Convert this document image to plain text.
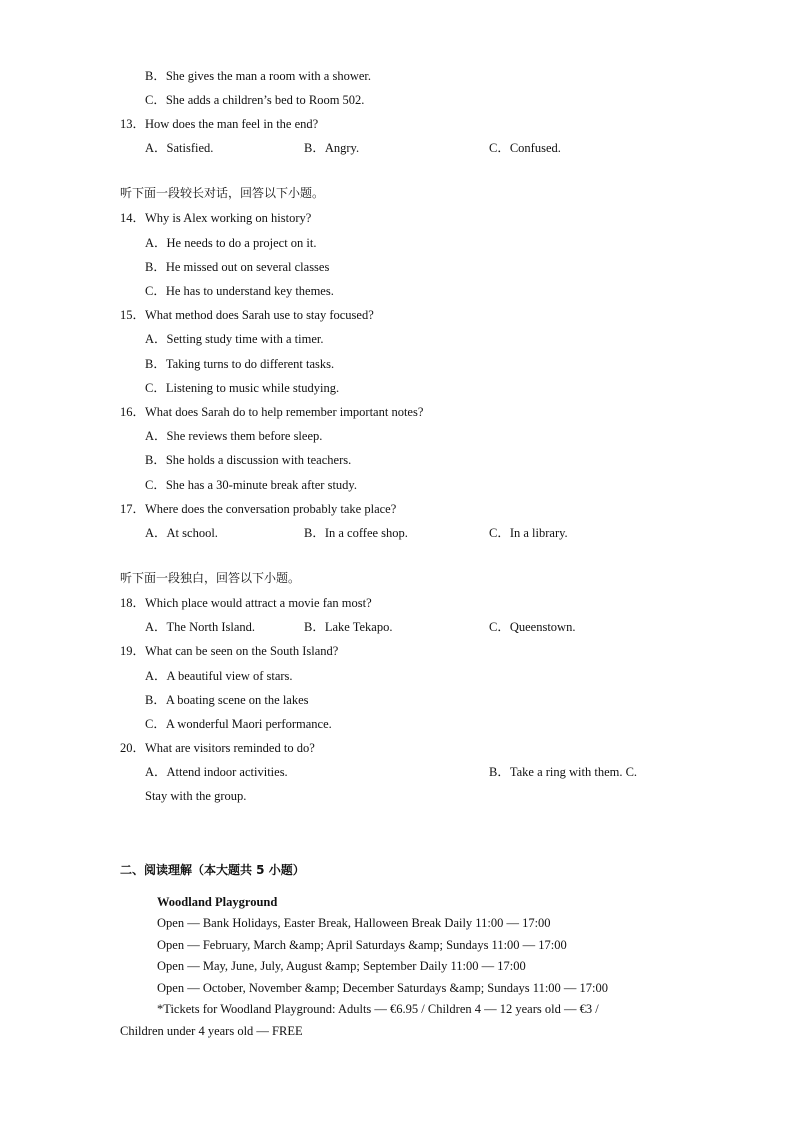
B．She gives the man a room with a shower.
C．She adds a children’s bed to Room 502.
13．How does the man feel in the end?
A．Satisfied.	B．Angry.	C．Confused.
听下面一段较长对话，回答以下小题。
14．Why is Alex working on history?
A．He needs to do a project on it.
B．He missed out on several classes
C．He has to understand key themes.
15．What method does Sarah use to stay focused?
A．Setting study time with a timer.
B．Taking turns to do different tasks.
C．Listening to music while studying.
16．What does Sarah do to help remember important notes?
A．She reviews them before sleep.
B．She holds a discussion with teachers.
C．She has a 30-minute break after study.
17．Where does the conversation probably take place?
A．At school.	B．In a coffee shop.	C．In a library.
听下面一段独白，回答以下小题。
18．Which place would attract a movie fan most?
A．The North Island.	B．Lake Tekapo.	C．Queenstown.
19．What can be seen on the South Island?
A．A beautiful view of stars.
B．A boating scene on the lakes
C．A wonderful Maori performance.
20．What are visitors reminded to do?
A．Attend indoor activities.	B．Take a ring with them. C.
Stay with the group.
二、阅读理解（本大题共 5 小题）
Woodland Playground
Open — Bank Holidays, Easter Break, Halloween Break Daily 11:00 — 17:00
Open — February, March &amp; April Saturdays &amp; Sundays 11:00 — 17:00
Open — May, June, July, August &amp; September Daily 11:00 — 17:00
Open — October, November &amp; December Saturdays &amp; Sundays 11:00 — 17:00
*Tickets for Woodland Playground: Adults — €6.95 / Children 4 — 12 years old — €3 /
Children under 4 years old — FREE
